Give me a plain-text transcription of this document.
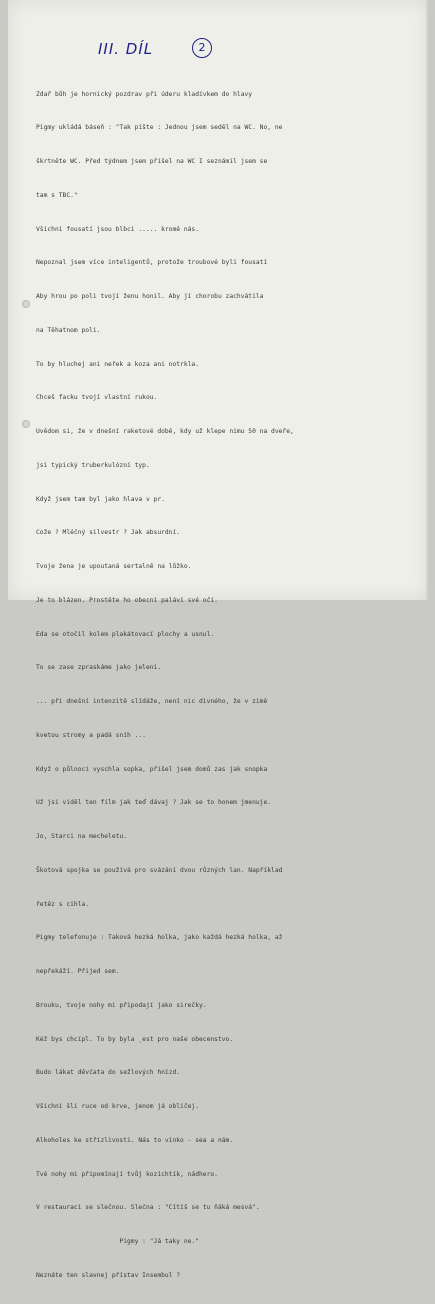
III. DÍL	2

Zdař bůh je hornický pozdrav při úderu kladívkem do hlavy

Pigmy ukládá báseň : "Tak píšte : Jednou jsem seděl na WC. No, ne

škrtněte WC. Před týdnem jsem přišel na WC I seznámil jsem se

tam s TBC."

Všichni fousatí jsou blbci ..... kromě nás.

Nepoznal jsem více inteligentů, protože troubové byli fousatí

Aby hrou po poli tvojí ženu honil. Aby jí chorobu zachvátila

na Těhatnom poli.

To by hluchej ani neřek a koza ani notrkla.

Chceš facku tvojí vlastní rukou.

Uvědom si, že v dnešní raketové době, kdy už klepe nimu 50 na dveře,

jsi typický truberkulózní typ.

Když jsem tam byl jako hlava v pr.

Cože ? Mléčný silvestr ? Jak absurdní.

Tvoje žena je upoutaná sertalně na lůžko.

Je to blázen. Prostěte ho obecní paláví své oči.

Eda se otočil kolem plakátovací plochy a usnul.

To se zase zpraskáme jako jeleni.

... při dnešní intenzitě slídáže, není nic divného, že v zimě

kvetou stromy a padá sníh ...

Když o půlnoci vyschla sopka, přišel jsem domů zas jak snopka

Už jsi viděl ten film jak teď dávaj ? Jak se to honem jmenuje.

Jo, Starci na mecheletu.

Škotová spojka se používá pro svázání dvou různých lan. Například

řetěz s cihla.

Pigmy telefonuje : Taková hezká holka, jako každá hezká holka, až

nepřekáží. Přijed sem.

Brouku, tvoje nohy mi připodají jako sirečky.

Kéž bys chcípl. To by byla ¸est pro naše obecenstvo.

Budo lákat děvčata do sežlových hnízd.

Všichni šli ruce od krve, jenom já obličej.

Alkoholes ke střízlivosti. Nás to vínko - sea a nám.

Tvé nohy mi připomínají tvůj kozíchtík, nádhero.

V restauraci se slečnou. Slečna : "Cítíš se tu ňáká mesvá".

Pigmy : "Já taky ne."

Neznáte ten slavnej přístav Insembul ?
